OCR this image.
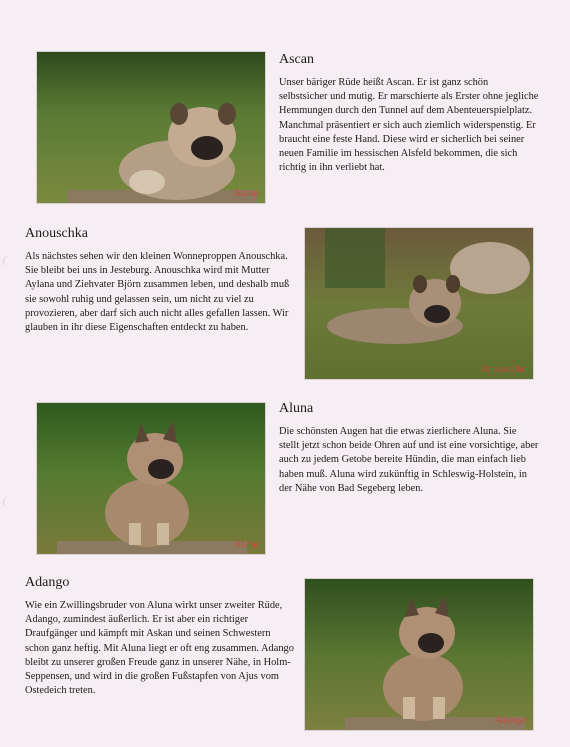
Ascan
Ascan

Unser bäriger Rüde heißt Ascan. Er ist ganz schön selbstsicher und mutig. Er marschierte als Erster ohne jegliche Hemmungen durch den Tunnel auf dem Abenteuerspielplatz. Manchmal präsentiert er sich auch ziemlich widerspenstig. Er braucht eine feste Hand. Diese wird er sicherlich bei seiner neuen Familie im hessischen Alsfeld bekommen, die sich richtig in ihn verliebt hat.

Anouschka

Als nächstes sehen wir den kleinen Wonneproppen Anouschka. Sie bleibt bei uns in Jesteburg. Anouschka wird mit Mutter Aylana und Ziehvater Björn zusammen leben, und deshalb muß sie sowohl ruhig und gelassen sein, um nicht zu viel zu provozieren, aber darf sich auch nicht alles gefallen lassen. Wir glauben in ihr diese Eigenschaften entdeckt zu haben.

Anouschka
Aluna
Aluna

Die schönsten Augen hat die etwas zierlichere Aluna. Sie stellt jetzt schon beide Ohren auf und ist eine vorsichtige, aber auch zu jedem Getobe bereite Hündin, die man einfach lieb haben muß. Aluna wird zukünftig in Schleswig-Holstein, in der Nähe von Bad Segeberg leben.

Adango

Wie ein Zwillingsbruder von Aluna wirkt unser zweiter Rüde, Adango, zumindest äußerlich. Er ist aber ein richtiger Draufgänger und kämpft mit Askan und seinen Schwestern schon ganz heftig. Mit Aluna liegt er oft eng zusammen. Adango bleibt zu unserer großen Freude ganz in unserer Nähe, in Holm-Seppensen, und wird in die großen Fußstapfen von Ajus vom Ostedeich treten.

Adango
